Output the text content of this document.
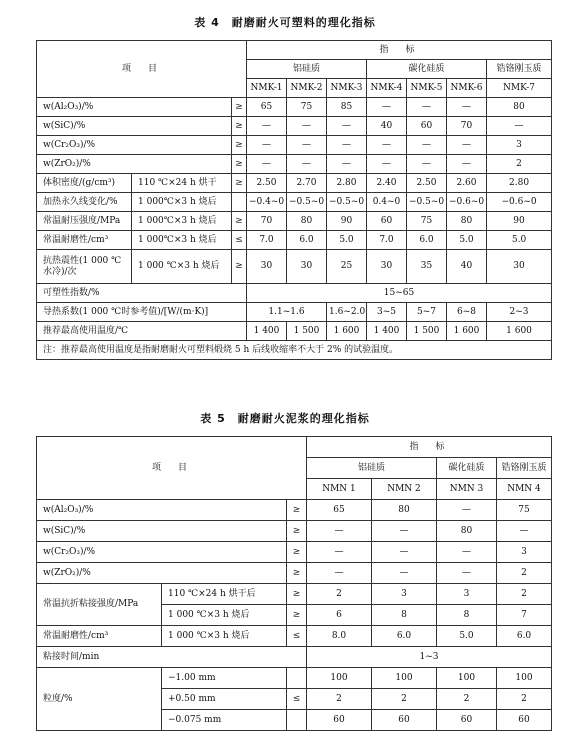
表 4　耐磨耐火可塑料的理化指标
项　目			指　标						
			铝硅质			碳化硅质			锆铬刚玉质
			NMK-1	NMK-2	NMK-3	NMK-4	NMK-5	NMK-6	NMK-7
w(Al₂O₃)/%		≥	65	75	85	—	—	—	80
w(SiC)/%		≥	—	—	—	40	60	70	—
w(Cr₂O₃)/%		≥	—	—	—	—	—	—	3
w(ZrO₂)/%		≥	—	—	—	—	—	—	2
体积密度/(g/cm³)	110 ℃×24 h 烘干	≥	2.50	2.70	2.80	2.40	2.50	2.60	2.80
加热永久线变化/%	1 000℃×3 h 烧后		−0.4~0	−0.5~0	−0.5~0	0.4~0	−0.5~0	−0.6~0	−0.6~0
常温耐压强度/MPa	1 000℃×3 h 烧后	≥	70	80	90	60	75	80	90
常温耐磨性/cm³	1 000℃×3 h 烧后	≤	7.0	6.0	5.0	7.0	6.0	5.0	5.0
抗热震性(1 000 ℃水冷)/次	1 000 ℃×3 h 烧后	≥	30	30	25	30	35	40	30
可塑性指数/%			15~65						
导热系数(1 000 ℃时参考值)/[W/(m·K)]			1.1~1.6		1.6~2.0	3~5	5~7	6~8	2~3
推荐最高使用温度/℃			1 400	1 500	1 600	1 400	1 500	1 600	1 600
注：推荐最高使用温度是指耐磨耐火可塑料煅烧 5 h 后线收缩率不大于 2% 的试验温度。									
表 5　耐磨耐火泥浆的理化指标
项　目			指　标			
			铝硅质		碳化硅质	锆铬刚玉质
			NMN 1	NMN 2	NMN 3	NMN 4
w(Al₂O₃)/%		≥	65	80	—	75
w(SiC)/%		≥	—	—	80	—
w(Cr₂O₃)/%		≥	—	—	—	3
w(ZrO₂)/%		≥	—	—	—	2
常温抗折粘接强度/MPa	110 ℃×24 h 烘干后	≥	2	3	3	2
	1 000 ℃×3 h 烧后	≥	6	8	8	7
常温耐磨性/cm³	1 000 ℃×3 h 烧后	≤	8.0	6.0	5.0	6.0
粘接时间/min			1~3			
粒度/%	−1.00 mm		100	100	100	100
	+0.50 mm	≤	2	2	2	2
	−0.075 mm		60	60	60	60
